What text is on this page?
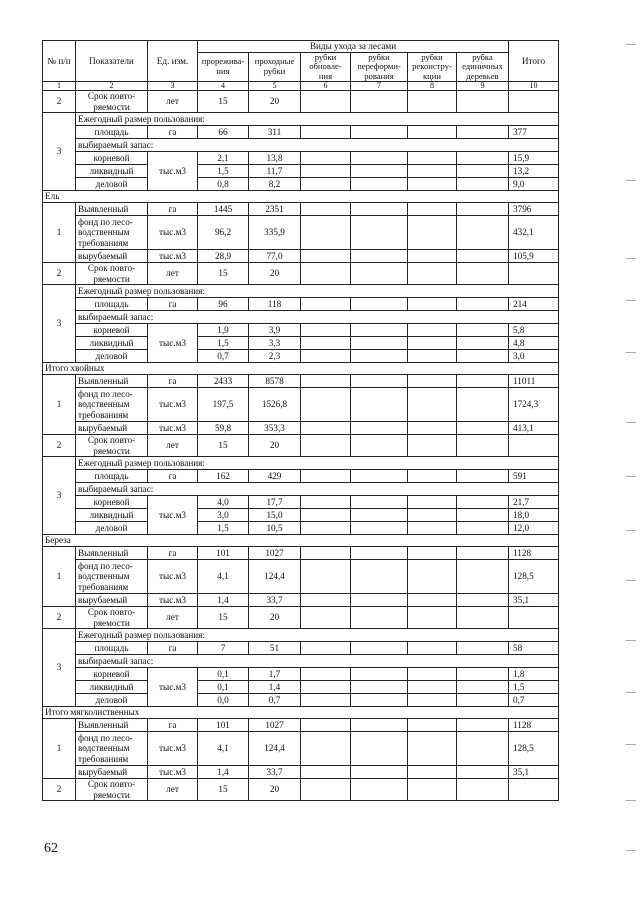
№ п/п	Показатели	Ед. изм.	Виды ухода за лесами						Итого
			прорежива-ния	проходные рубки	рубки обновле-ния	рубки переформи-рования	рубки реконстру-кции	рубка единичных деревьев	
1	2	3	4	5	6	7	8	9	10
2	Срок повто-ряемости	лет	15	20					
3	Ежегодный размер пользования:								
	площадь	га	66	311					377
	выбираемый запас:								
	корневой	тыс.м3	2,1	13,8					15,9
	ликвидный		1,5	11,7					13,2
	деловой		0,8	8,2					9,0

Ель									
1	Выявленный	га	1445	2351					3796
	фонд по лесо-водственным требованиям	тыс.м3	96,2	335,9					432,1
	вырубаемый	тыс.м3	28,9	77,0					105,9
2	Срок повто-ряемости	лет	15	20					
3	Ежегодный размер пользования:								
	площадь	га	96	118					214
	выбираемый запас:								
	корневой	тыс.м3	1,9	3,9					5,8
	ликвидный		1,5	3,3					4,8
	деловой		0,7	2,3					3,0

Итого хвойных									
1	Выявленный	га	2433	8578					11011
	фонд по лесо-водственным требованиям	тыс.м3	197,5	1526,8					1724,3
	вырубаемый	тыс.м3	59,8	353,3					413,1
2	Срок повто-ряемости	лет	15	20					
3	Ежегодный размер пользования:								
	площадь	га	162	429					591
	выбираемый запас:								
	корневой	тыс.м3	4,0	17,7					21,7
	ликвидный		3,0	15,0					18,0
	деловой		1,5	10,5					12,0

Береза									
1	Выявленный	га	101	1027					1128
	фонд по лесо-водственным требованиям	тыс.м3	4,1	124,4					128,5
	вырубаемый	тыс.м3	1,4	33,7					35,1
2	Срок повто-ряемости	лет	15	20					
3	Ежегодный размер пользования:								
	площадь	га	7	51					58
	выбираемый запас:								
	корневой	тыс.м3	0,1	1,7					1,8
	ликвидный		0,1	1,4					1,5
	деловой		0,0	0,7					0,7

Итого мягколиственных									
1	Выявленный	га	101	1027					1128
	фонд по лесо-водственным требованиям	тыс.м3	4,1	124,4					128,5
	вырубаемый	тыс.м3	1,4	33,7					35,1
2	Срок повто-ряемости	лет	15	20					
62
